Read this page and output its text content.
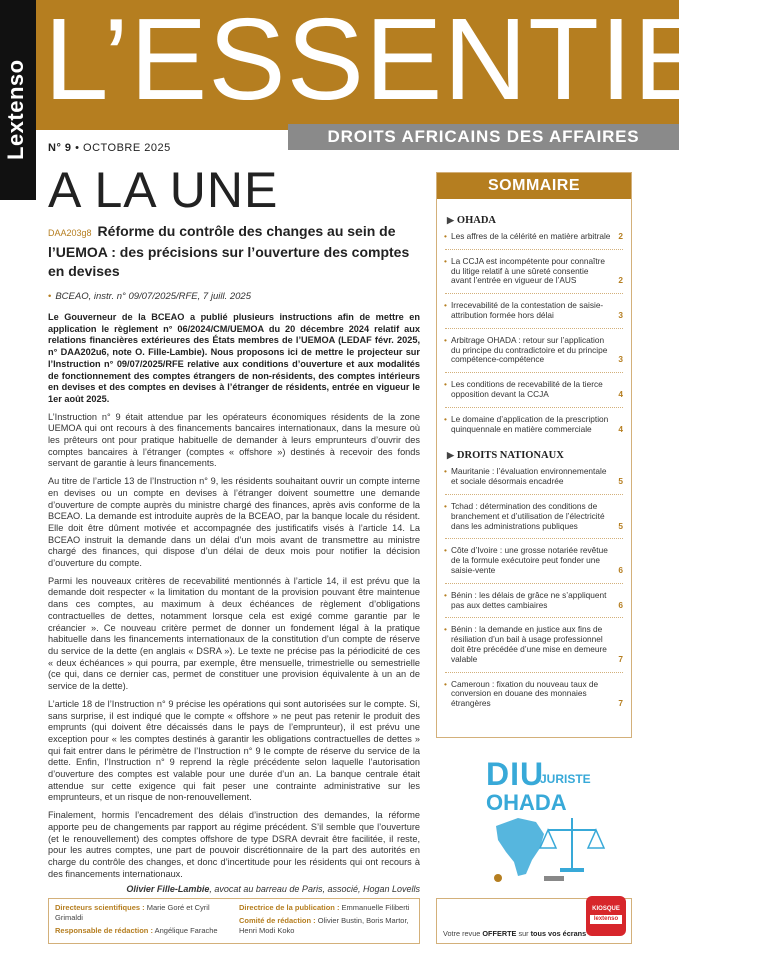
Lextenso L’ESSENTIEL
DROITS AFRICAINS DES AFFAIRES
N° 9 • OCTOBRE 2025
A LA UNE
DAA203g8 Réforme du contrôle des changes au sein de l’UEMOA : des précisions sur l’ouverture des comptes en devises
• BCEAO, instr. n° 09/07/2025/RFE, 7 juill. 2025
Le Gouverneur de la BCEAO a publié plusieurs instructions afin de mettre en application le règlement n° 06/2024/CM/UEMOA du 20 décembre 2024 relatif aux relations financières extérieures des États membres de l’UEMOA (LEDAF févr. 2025, n° DAA202u6, note O. Fille-Lambie). Nous proposons ici de mettre le projecteur sur l’Instruction n° 09/07/2025/RFE relative aux conditions d’ouverture et aux modalités de fonctionnement des comptes étrangers de non-résidents, des comptes intérieurs en devises et des comptes en devises à l’étranger de résidents, entrée en vigueur le 1er août 2025.
L’Instruction n° 9 était attendue par les opérateurs économiques résidents de la zone UEMOA qui ont recours à des financements bancaires internationaux, dans la mesure où les prêteurs ont pour pratique habituelle de demander à leurs emprunteurs d’ouvrir des comptes bancaires à l’étranger (comptes « offshore ») destinés à recevoir des fonds servant de garantie à leurs financements.
Au titre de l’article 13 de l’Instruction n° 9, les résidents souhaitant ouvrir un compte interne en devises ou un compte en devises à l’étranger doivent soumettre une demande d’ouverture de compte auprès du ministre chargé des finances, après avis conforme de la BCEAO. La demande est introduite auprès de la BCEAO, par la banque locale du résident. Elle doit être dûment motivée et accompagnée des justificatifs visés à l’article 14. La BCEAO instruit la demande dans un délai d’un mois avant de transmettre au ministre chargé des finances, qui dispose d’un délai de deux mois pour notifier la décision d’ouverture du compte.
Parmi les nouveaux critères de recevabilité mentionnés à l’article 14, il est prévu que la demande doit respecter « la limitation du montant de la provision pouvant être maintenue dans ces comptes, au maximum à deux échéances de règlement d’obligations contractuelles de dettes, notamment lorsque cela est exigé comme garantie par le créancier ». Ce nouveau critère permet de donner un fondement légal à la pratique habituelle dans les financements internationaux de la constitution d’un compte de réserve du service de la dette (en anglais « DSRA »). Le texte ne précise pas la périodicité de ces « deux échéances » qui pourra, par exemple, être mensuelle, trimestrielle ou semestrielle (ce qui, dans ce dernier cas, permet de constituer une provision équivalente à un an de service de la dette).
L’article 18 de l’Instruction n° 9 précise les opérations qui sont autorisées sur le compte. Si, sans surprise, il est indiqué que le compte « offshore » ne peut pas retenir le produit des emprunts (qui doivent être décaissés dans le pays de l’emprunteur), il est prévu une exception pour « les comptes destinés à garantir les obligations contractuelles de dettes » qui fait entrer dans le périmètre de l’Instruction n° 9 le compte de réserve du service de la dette. Enfin, l’Instruction n° 9 reprend la règle précédente selon laquelle l’autorisation d’ouverture des comptes est valable pour une durée d’un an. La banque centrale était attendue sur cette exigence qui fait peser une contrainte administrative sur les emprunteurs, et un risque de non-renouvellement.
Finalement, hormis l’encadrement des délais d’instruction des demandes, la réforme apporte peu de changements par rapport au régime précédent. S’il semble que l’ouverture (et le renouvellement) des comptes offshore de type DSRA devrait être facilitée, il reste, pour les autres comptes, une part de pouvoir discrétionnaire de la part des autorités en charge du contrôle des changes, et donc d’incertitude pour les résidents qui ont recours à des financements internationaux.
Olivier Fille-Lambie, avocat au barreau de Paris, associé, Hogan Lovells
Directeurs scientifiques : Marie Goré et Cyril Grimaldi
Responsable de rédaction : Angélique Farache
Directrice de la publication : Emmanuelle Filiberti
Comité de rédaction : Olivier Bustin, Boris Martor, Henri Modi Koko
SOMMAIRE
▶ OHADA
• Les affres de la célérité en matière arbitrale 2
• La CCJA est incompétente pour connaître du litige relatif à une sûreté consentie avant l’entrée en vigueur de l’AUS	2
• Irrecevabilité de la contestation de saisie-attribution formée hors délai	3
• Arbitrage OHADA : retour sur l’application du principe du contradictoire et du principe compétence-compétence	3
• Les conditions de recevabilité de la tierce opposition devant la CCJA	4
• Le domaine d’application de la prescription quinquennale en matière commerciale	4
▶ DROITS NATIONAUX
• Mauritanie : l’évaluation environnementale et sociale désormais encadrée	5
• Tchad : détermination des conditions de branchement et d’utilisation de l’électricité dans les administrations publiques	5
• Côte d’Ivoire : une grosse notariée revêtue de la formule exécutoire peut fonder une saisie-vente	6
• Bénin : les délais de grâce ne s’appliquent pas aux dettes cambiaires	6
• Bénin : la demande en justice aux fins de résiliation d’un bail à usage professionnel doit être précédée d’une mise en demeure valable	7
• Cameroun : fixation du nouveau taux de conversion en douane des monnaies étrangères	7
DIU
JURISTE
OHADA
Votre revue OFFERTE sur tous vos écrans
KIOSQUE
lextenso
